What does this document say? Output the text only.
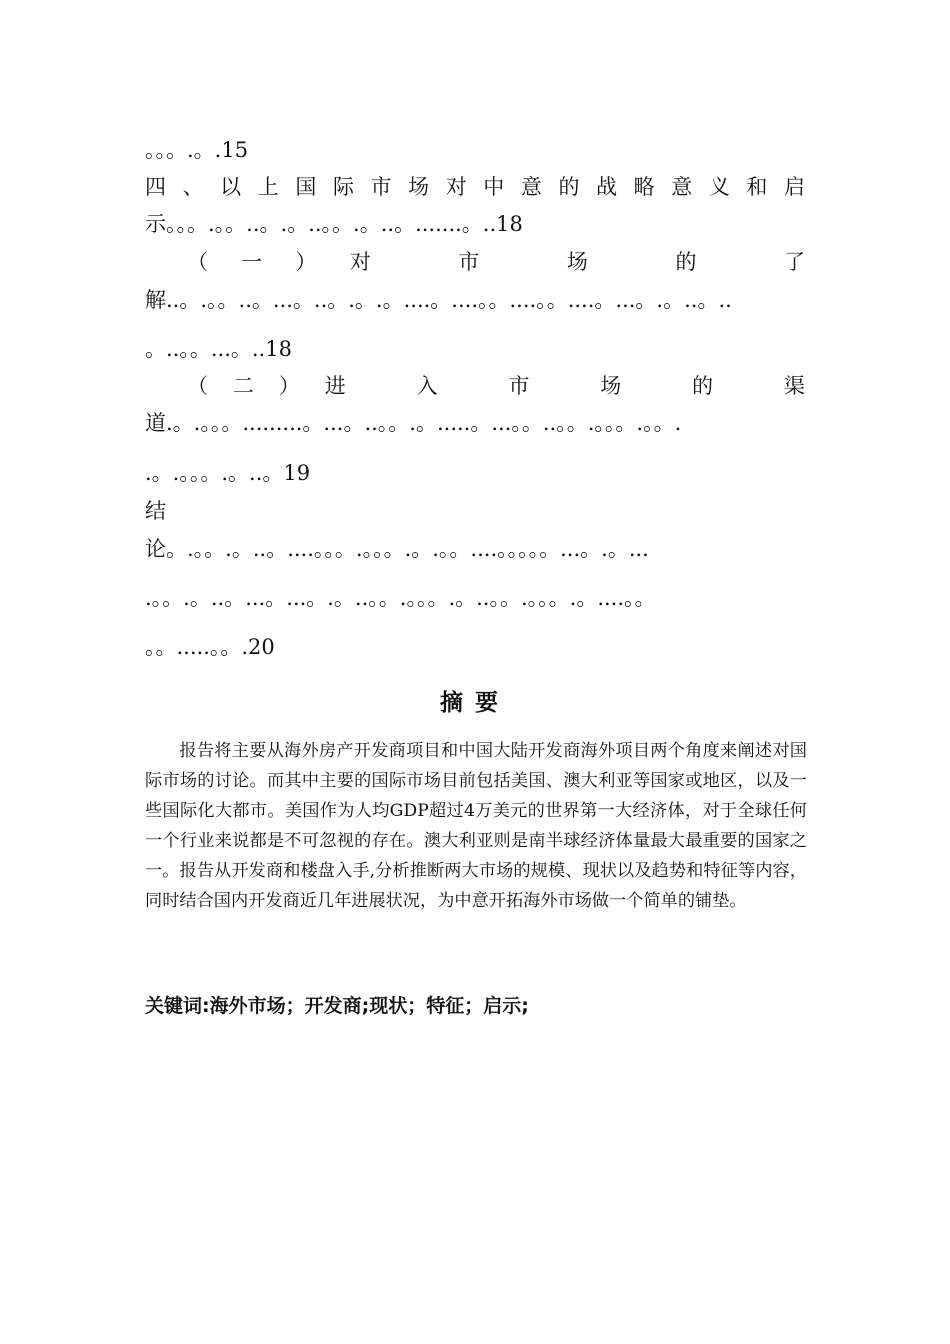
。。。.。.15
四、以上国际市场对中意的战略意义和启
示。。。.。。..。.。..。。.。..。.......。..18
（一）对　市　场　的　了
解..。.。。..。...。..。.。.。....。....。。....。。....。...。.。..。..
。..。。...。..18
（二）进　入　市　场　的　渠
道.。.。。。.........。...。..。。.。.....。...。。..。。.。。。.。。.
.。.。。。.。..。19
结
论。.。。.。..。....。。。.。。。.。.。。....。。。。。...。.。...
.。。.。..。...。...。.。..。。.。。。.。..。。.。。。.。....。。
。。.....。。.20
摘要

报告将主要从海外房产开发商项目和中国大陆开发商海外项目两个角度来阐述对国际市场的讨论。而其中主要的国际市场目前包括美国、澳大利亚等国家或地区，以及一些国际化大都市。美国作为人均GDP超过4万美元的世界第一大经济体，对于全球任何一个行业来说都是不可忽视的存在。澳大利亚则是南半球经济体量最大最重要的国家之一。报告从开发商和楼盘入手,分析推断两大市场的规模、现状以及趋势和特征等内容，同时结合国内开发商近几年进展状况，为中意开拓海外市场做一个简单的铺垫。

关键词:海外市场；开发商;现状；特征；启示;
